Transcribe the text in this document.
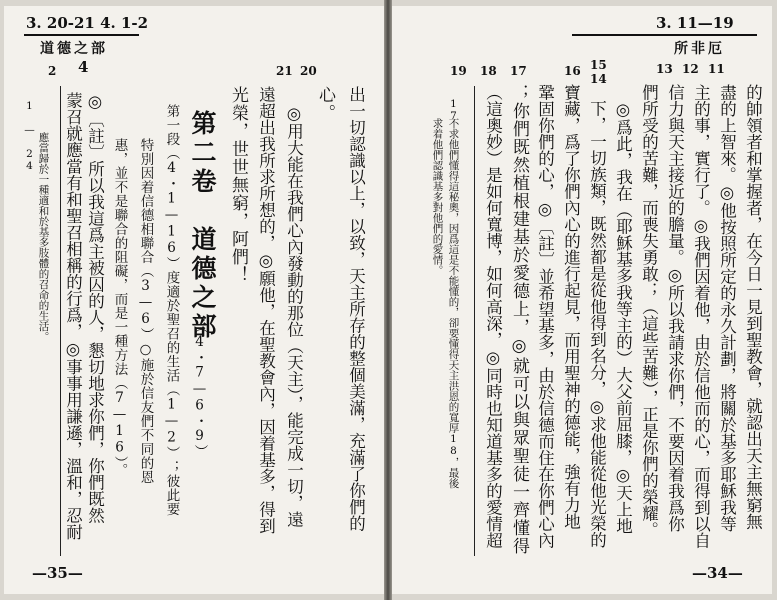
3. 20-21 4. 1-2
部之德道
2 4
1 — 24 應當歸於一種適和於基多肢體的召命的生活。
21 20
出一切認識以上，以致，天主所存的整個美滿，充滿了你們的
心。
◎用大能在我們心內發動的那位（天主），能完成一切，遠
遠超出我所求所想的，◎願他，在聖教會內，因着基多，得到
光榮，世世無窮，阿們！
第二卷　道德之部
（4・7—6・9）
第一段（4・1—16）度適於聖召的生活（1—2）；彼此要
特別因着信德相聯合（3—6）○施於信友們不同的恩
惠，並不是聯合的阻礙，而是一種方法（7—16）。
◎〔註〕所以我這爲主被囚的人，懇切地求你們，你們既然
蒙召就應當有和聖召相稱的行爲，◎事事用謙遜，溫和，忍耐
—35—
3. 11—19
所非厄
13 12 11
19 18 17	16 15
14
的帥領者和掌握者，在今日一見到聖教會，就認出天主無窮無
盡的上智來。◎他按照所定的永久計劃，將關於基多耶穌我等
主的事，實行了。◎我們因着他，由於信他而的心，而得到以自
信力與天主接近的膽量。◎所以我請求你們，不要因着我爲你
們所受的苦難，而喪失勇敢；（這些苦難），正是你們的榮耀。
◎爲此，我在（耶穌基多我等主的）大父前屈膝，◎天上地
下，一切族類，既然都是從他得到名分，◎求他能從他光榮的
寶藏，爲了你們內心的進行起見，而用聖神的德能，強有力地
鞏固你們的心，◎〔註〕並希望基多，由於信德而住在你們心內
；你們既然植根建基於愛德上，◎就可以與眾聖徒一齊懂得
（這奧妙）是如何寬博，如何高深，◎同時也知道基多的愛情超
17
不求他們懂得這秘奧，因爲這是不能懂的，卻要懂得天主洪恩的寬厚18，最後
求着他們認識基多對他們的愛情。
—34—
